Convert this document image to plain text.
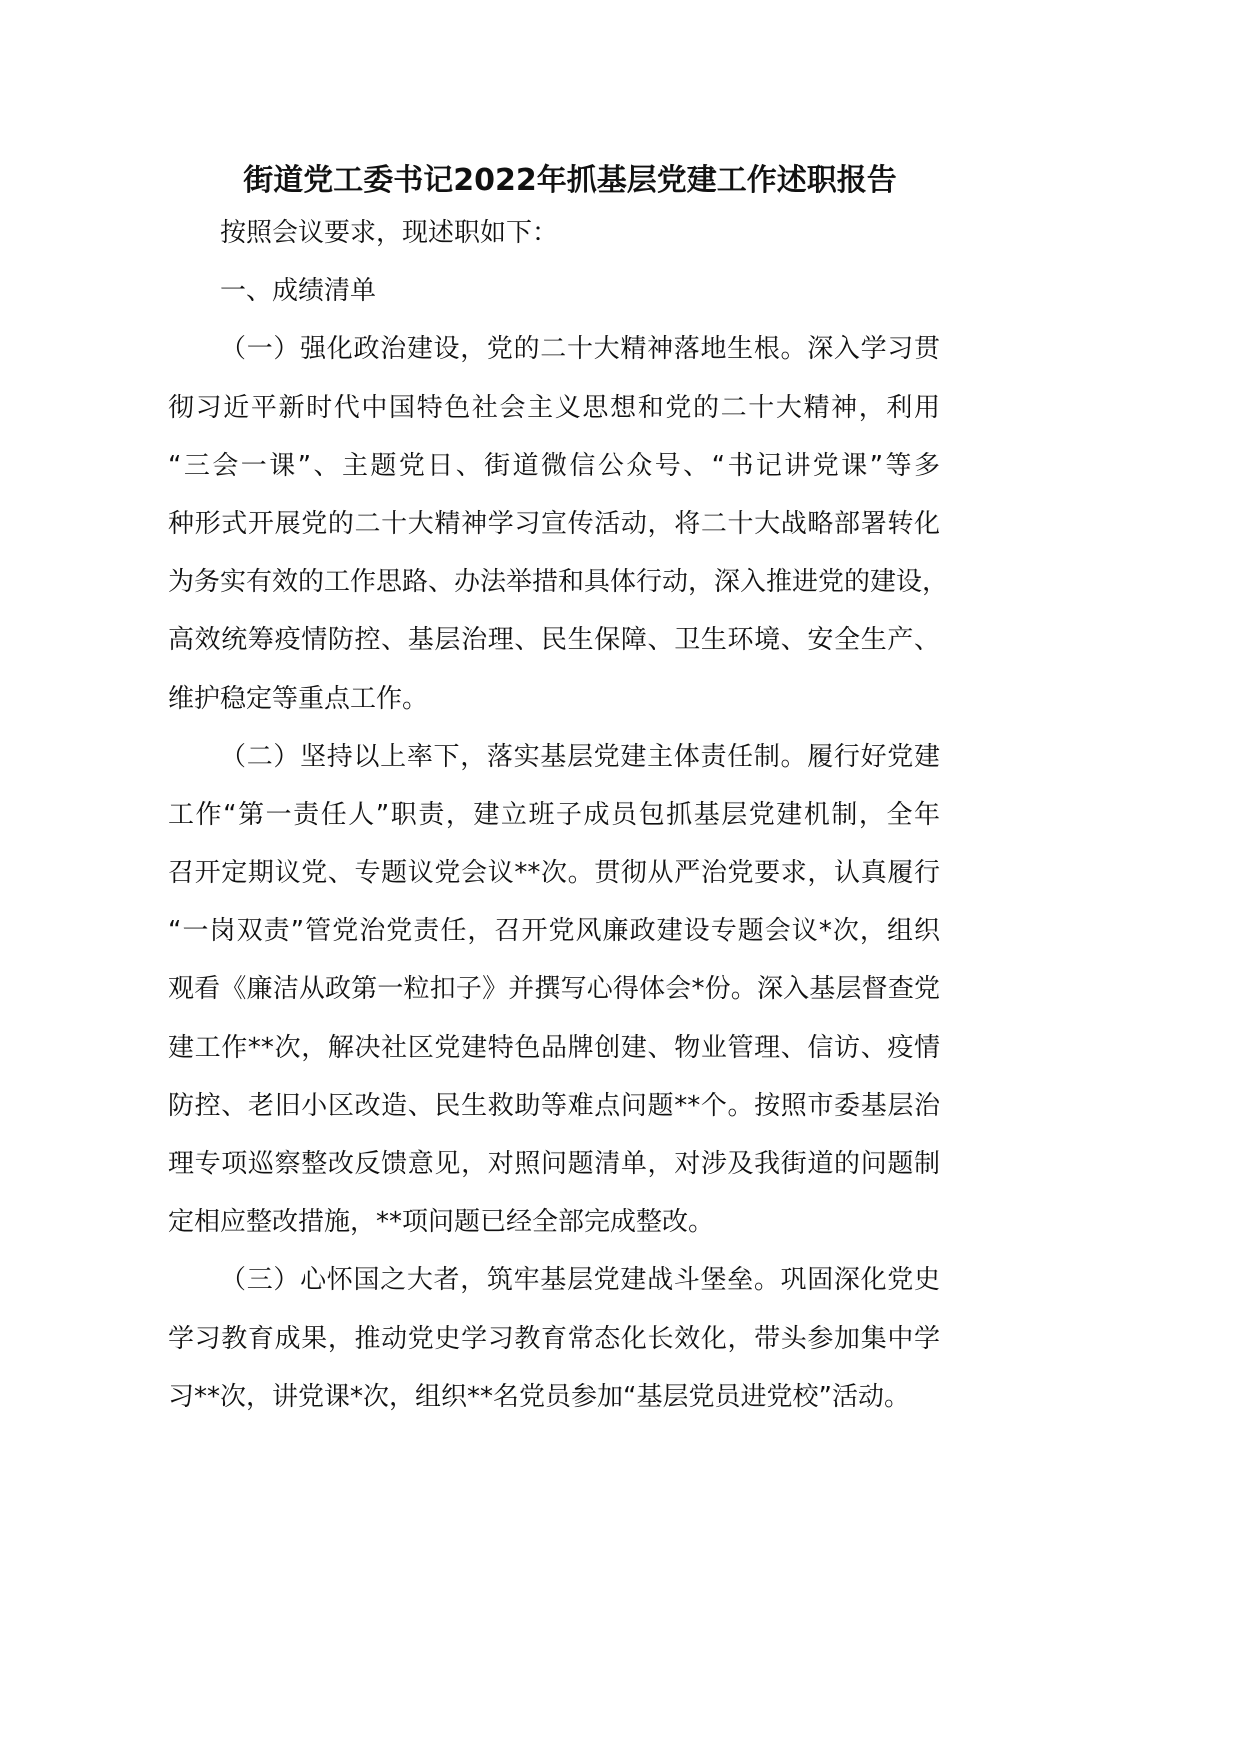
街道党工委书记2022年抓基层党建工作述职报告
按照会议要求，现述职如下：
一、成绩清单
（一）强化政治建设，党的二十大精神落地生根。深入学习贯
彻习近平新时代中国特色社会主义思想和党的二十大精神，利用
“三会一课”、主题党日、街道微信公众号、“书记讲党课”等多
种形式开展党的二十大精神学习宣传活动，将二十大战略部署转化
为务实有效的工作思路、办法举措和具体行动，深入推进党的建设，
高效统筹疫情防控、基层治理、民生保障、卫生环境、安全生产、
维护稳定等重点工作。
（二）坚持以上率下，落实基层党建主体责任制。履行好党建
工作“第一责任人”职责，建立班子成员包抓基层党建机制，全年
召开定期议党、专题议党会议**次。贯彻从严治党要求，认真履行
“一岗双责”管党治党责任，召开党风廉政建设专题会议*次，组织
观看《廉洁从政第一粒扣子》并撰写心得体会*份。深入基层督查党
建工作**次，解决社区党建特色品牌创建、物业管理、信访、疫情
防控、老旧小区改造、民生救助等难点问题**个。按照市委基层治
理专项巡察整改反馈意见，对照问题清单，对涉及我街道的问题制
定相应整改措施，**项问题已经全部完成整改。
（三）心怀国之大者，筑牢基层党建战斗堡垒。巩固深化党史
学习教育成果，推动党史学习教育常态化长效化，带头参加集中学
习**次，讲党课*次，组织**名党员参加“基层党员进党校”活动。
